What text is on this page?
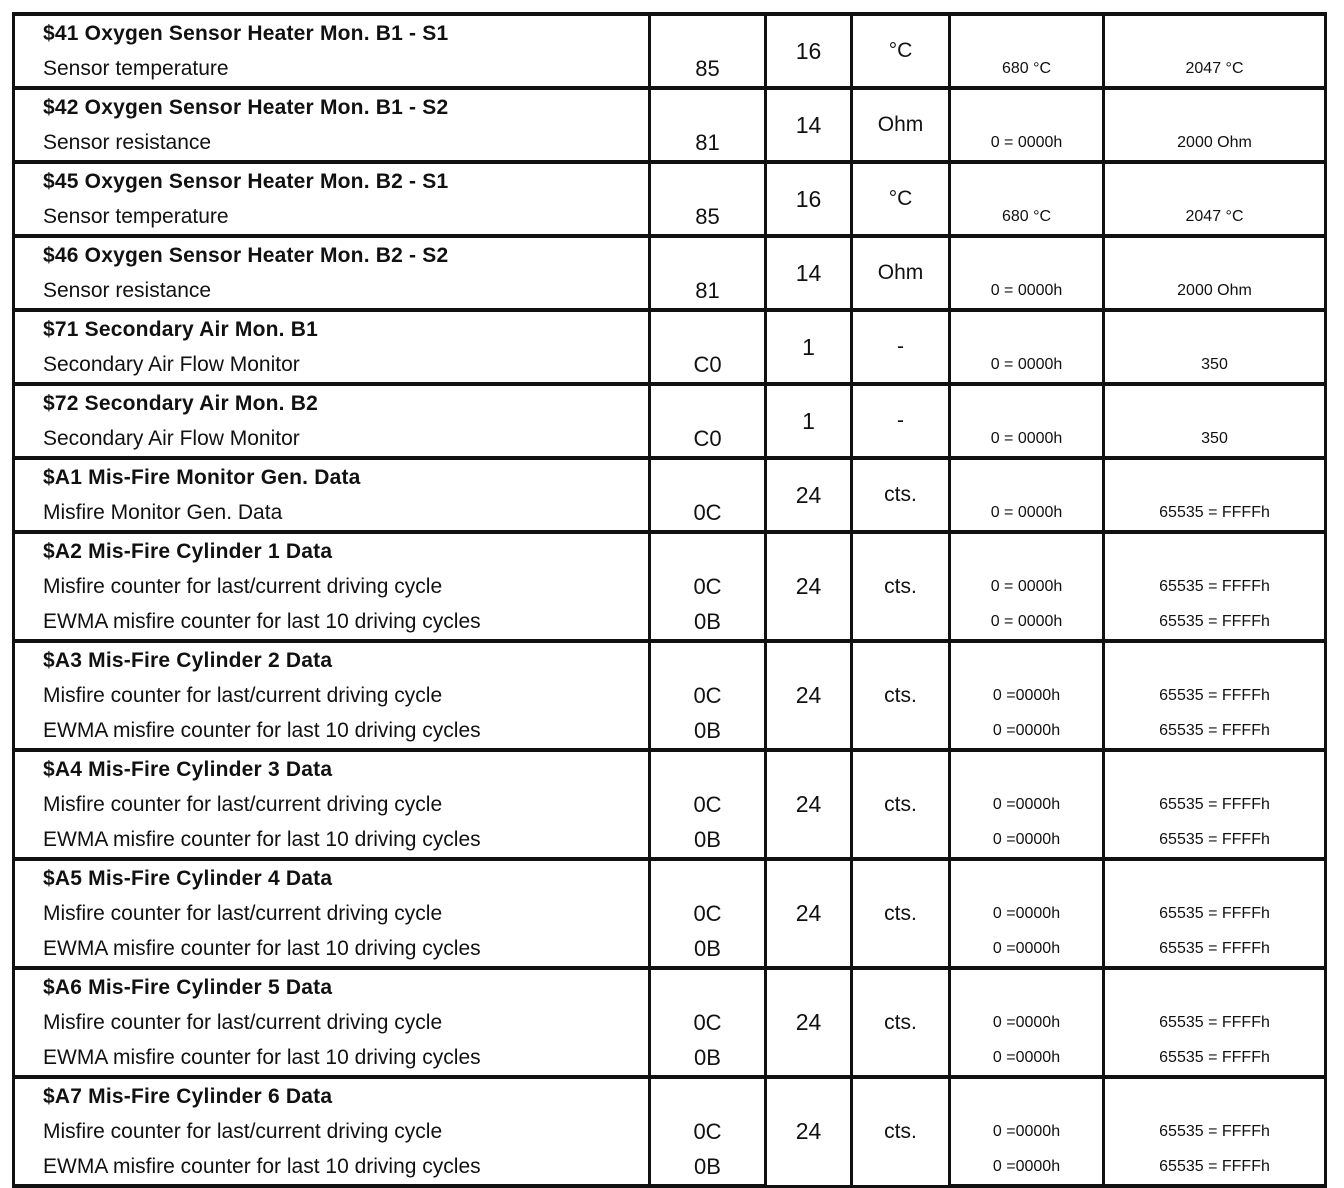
$41 Oxygen Sensor Heater Mon. B1 - S1		16	°C		
Sensor temperature	85			680 °C	2047 °C
$42 Oxygen Sensor Heater Mon. B1 - S2		14	Ohm		
Sensor resistance	81			0 = 0000h	2000 Ohm
$45 Oxygen Sensor Heater Mon. B2 - S1		16	°C		
Sensor temperature	85			680 °C	2047 °C
$46 Oxygen Sensor Heater Mon. B2 - S2		14	Ohm		
Sensor resistance	81			0 = 0000h	2000 Ohm
$71 Secondary Air Mon. B1		1	-		
Secondary Air Flow Monitor	C0			0 = 0000h	350
$72 Secondary Air Mon. B2		1	-		
Secondary Air Flow Monitor	C0			0 = 0000h	350
$A1 Mis-Fire Monitor Gen. Data		24	cts.		
Misfire Monitor Gen. Data	0C			0 = 0000h	65535 = FFFFh
$A2 Mis-Fire Cylinder 1 Data		24	cts.		
Misfire counter for last/current driving cycle	0C			0 = 0000h	65535 = FFFFh
EWMA misfire counter for last 10 driving cycles	0B			0 = 0000h	65535 = FFFFh
$A3 Mis-Fire Cylinder 2 Data		24	cts.		
Misfire counter for last/current driving cycle	0C			0 =0000h	65535 = FFFFh
EWMA misfire counter for last 10 driving cycles	0B			0 =0000h	65535 = FFFFh
$A4 Mis-Fire Cylinder 3 Data		24	cts.		
Misfire counter for last/current driving cycle	0C			0 =0000h	65535 = FFFFh
EWMA misfire counter for last 10 driving cycles	0B			0 =0000h	65535 = FFFFh
$A5 Mis-Fire Cylinder 4 Data		24	cts.		
Misfire counter for last/current driving cycle	0C			0 =0000h	65535 = FFFFh
EWMA misfire counter for last 10 driving cycles	0B			0 =0000h	65535 = FFFFh
$A6 Mis-Fire Cylinder 5 Data		24	cts.		
Misfire counter for last/current driving cycle	0C			0 =0000h	65535 = FFFFh
EWMA misfire counter for last 10 driving cycles	0B			0 =0000h	65535 = FFFFh
$A7 Mis-Fire Cylinder 6 Data		24	cts.		
Misfire counter for last/current driving cycle	0C			0 =0000h	65535 = FFFFh
EWMA misfire counter for last 10 driving cycles	0B			0 =0000h	65535 = FFFFh
